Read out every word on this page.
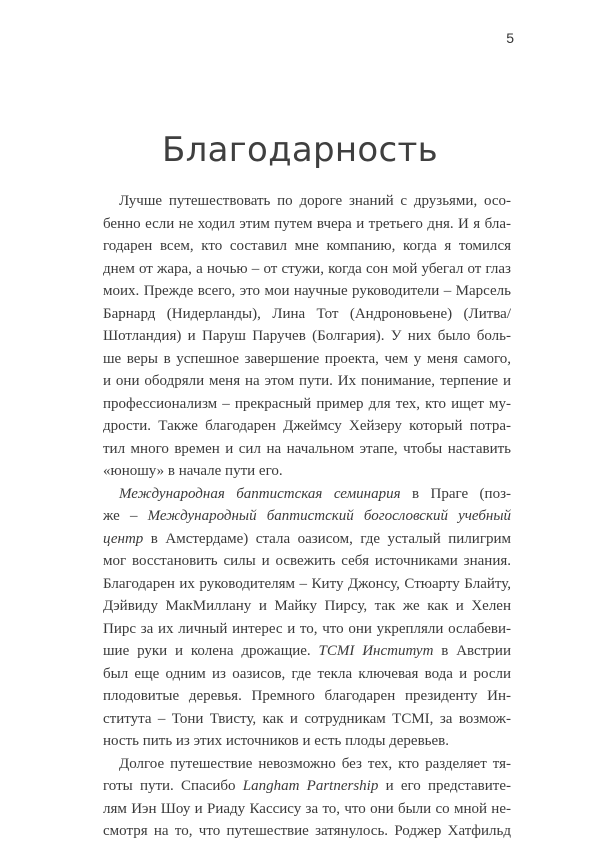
5
Благодарность
Лучше путешествовать по дороге знаний с друзьями, осо-
бенно если не ходил этим путем вчера и третьего дня. И я бла-
годарен всем, кто составил мне компанию, когда я томился
днем от жара, а ночью – от стужи, когда сон мой убегал от глаз
моих. Прежде всего, это мои научные руководители – Марсель
Барнард (Нидерланды), Лина Тот (Андроновьене) (Литва/
Шотландия) и Паруш Паручев (Болгария). У них было боль-
ше веры в успешное завершение проекта, чем у меня самого,
и они ободряли меня на этом пути. Их понимание, терпение и
профессионализм – прекрасный пример для тех, кто ищет му-
дрости. Также благодарен Джеймсу Хейзеру который потра-
тил много времен и сил на начальном этапе, чтобы наставить
«юношу» в начале пути его.
Международная баптистская семинария в Праге (поз-
же – Международный баптистский богословский учебный
центр в Амстердаме) стала оазисом, где усталый пилигрим
мог восстановить силы и освежить себя источниками знания.
Благодарен их руководителям – Киту Джонсу, Стюарту Блайту,
Дэйвиду МакМиллану и Майку Пирсу, так же как и Хелен
Пирс за их личный интерес и то, что они укрепляли ослабеви-
шие руки и колена дрожащие. TCMI Институт в Австрии
был еще одним из оазисов, где текла ключевая вода и росли
плодовитые деревья. Премного благодарен президенту Ин-
ститута – Тони Твисту, как и сотрудникам TCMI, за возмож-
ность пить из этих источников и есть плоды деревьев.
Долгое путешествие невозможно без тех, кто разделяет тя-
готы пути. Спасибо Langham Partnership и его представите-
лям Иэн Шоу и Риаду Кассису за то, что они были со мной не-
смотря на то, что путешествие затянулось. Роджер Хатфильд
